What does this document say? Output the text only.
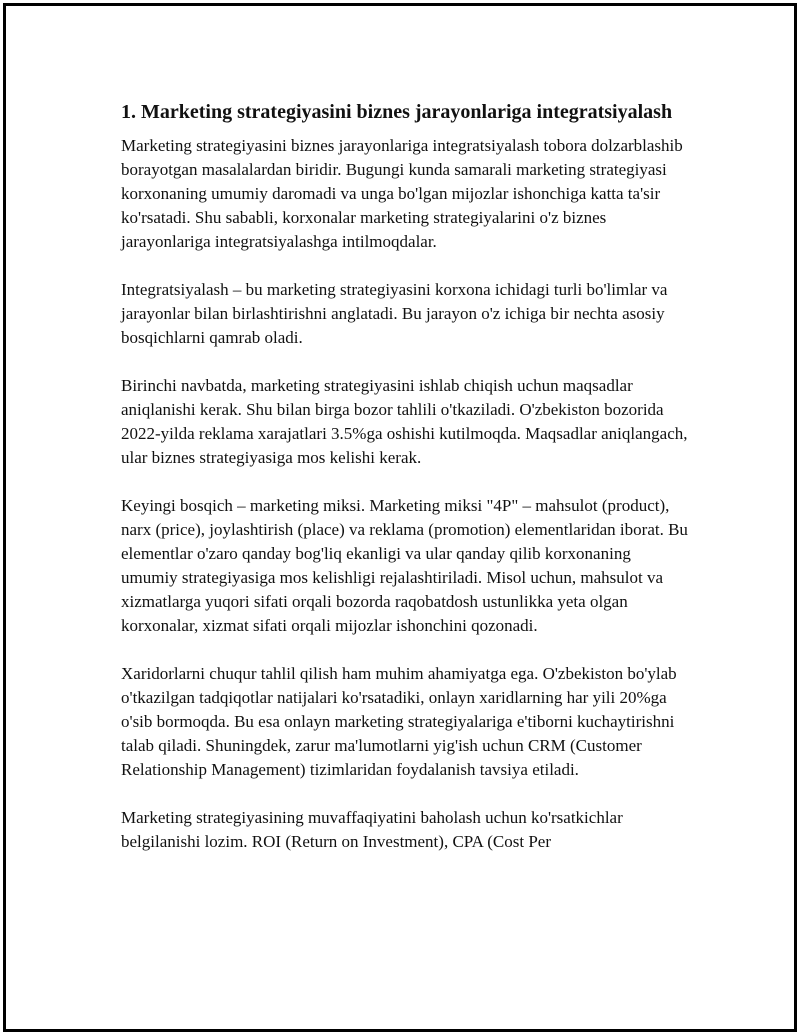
1. Marketing strategiyasini biznes jarayonlariga integratsiyalash

Marketing strategiyasini biznes jarayonlariga integratsiyalash tobora dolzarblashib borayotgan masalalardan biridir. Bugungi kunda samarali marketing strategiyasi korxonaning umumiy daromadi va unga bo'lgan mijozlar ishonchiga katta ta'sir ko'rsatadi. Shu sababli, korxonalar marketing strategiyalarini o'z biznes jarayonlariga integratsiyalashga intilmoqdalar.

Integratsiyalash – bu marketing strategiyasini korxona ichidagi turli bo'limlar va jarayonlar bilan birlashtirishni anglatadi. Bu jarayon o'z ichiga bir nechta asosiy bosqichlarni qamrab oladi.

Birinchi navbatda, marketing strategiyasini ishlab chiqish uchun maqsadlar aniqlanishi kerak. Shu bilan birga bozor tahlili o'tkaziladi. O'zbekiston bozorida 2022-yilda reklama xarajatlari 3.5%ga oshishi kutilmoqda. Maqsadlar aniqlangach, ular biznes strategiyasiga mos kelishi kerak.

Keyingi bosqich – marketing miksi. Marketing miksi "4P" – mahsulot (product), narx (price), joylashtirish (place) va reklama (promotion) elementlaridan iborat. Bu elementlar o'zaro qanday bog'liq ekanligi va ular qanday qilib korxonaning umumiy strategiyasiga mos kelishligi rejalashtiriladi. Misol uchun, mahsulot va xizmatlarga yuqori sifati orqali bozorda raqobatdosh ustunlikka yeta olgan korxonalar, xizmat sifati orqali mijozlar ishonchini qozonadi.

Xaridorlarni chuqur tahlil qilish ham muhim ahamiyatga ega. O'zbekiston bo'ylab o'tkazilgan tadqiqotlar natijalari ko'rsatadiki, onlayn xaridlarning har yili 20%ga o'sib bormoqda. Bu esa onlayn marketing strategiyalariga e'tiborni kuchaytirishni talab qiladi. Shuningdek, zarur ma'lumotlarni yig'ish uchun CRM (Customer Relationship Management) tizimlaridan foydalanish tavsiya etiladi.

Marketing strategiyasining muvaffaqiyatini baholash uchun ko'rsatkichlar belgilanishi lozim. ROI (Return on Investment), CPA (Cost Per
